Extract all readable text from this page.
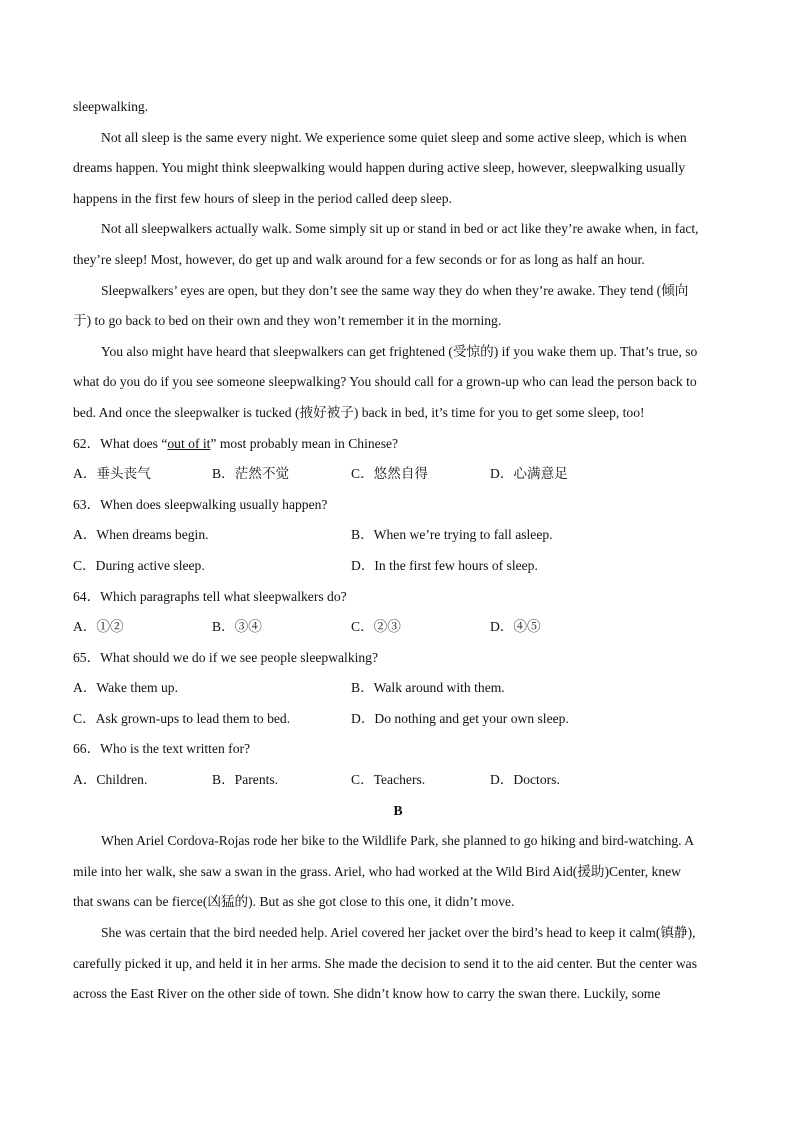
sleepwalking.
Not all sleep is the same every night. We experience some quiet sleep and some active sleep, which is when
dreams happen. You might think sleepwalking would happen during active sleep, however, sleepwalking usually
happens in the first few hours of sleep in the period called deep sleep.
Not all sleepwalkers actually walk. Some simply sit up or stand in bed or act like they’re awake when, in fact,
they’re sleep! Most, however, do get up and walk around for a few seconds or for as long as half an hour.
Sleepwalkers’ eyes are open, but they don’t see the same way they do when they’re awake. They tend (倾向
于) to go back to bed on their own and they won’t remember it in the morning.
You also might have heard that sleepwalkers can get frightened (受惊的) if you wake them up. That’s true, so
what do you do if you see someone sleepwalking? You should call for a grown-up who can lead the person back to
bed. And once the sleepwalker is tucked (掖好被子) back in bed, it’s time for you to get some sleep, too!
62．What does “out of it” most probably mean in Chinese?
A．垂头丧气	B．茫然不觉	C．悠然自得	D．心满意足
63．When does sleepwalking usually happen?
A．When dreams begin.	B．When we’re trying to fall asleep.
C．During active sleep.	D．In the first few hours of sleep.
64．Which paragraphs tell what sleepwalkers do?
A．①②	B．③④	C．②③	D．④⑤
65．What should we do if we see people sleepwalking?
A．Wake them up.	B．Walk around with them.
C．Ask grown-ups to lead them to bed.	D．Do nothing and get your own sleep.
66．Who is the text written for?
A．Children.	B．Parents.	C．Teachers.	D．Doctors.
B
When Ariel Cordova-Rojas rode her bike to the Wildlife Park, she planned to go hiking and bird-watching. A
mile into her walk, she saw a swan in the grass. Ariel, who had worked at the Wild Bird Aid(援助)Center, knew
that swans can be fierce(凶猛的). But as she got close to this one, it didn’t move.
She was certain that the bird needed help. Ariel covered her jacket over the bird’s head to keep it calm(镇静),
carefully picked it up, and held it in her arms. She made the decision to send it to the aid center. But the center was
across the East River on the other side of town. She didn’t know how to carry the swan there. Luckily, some
